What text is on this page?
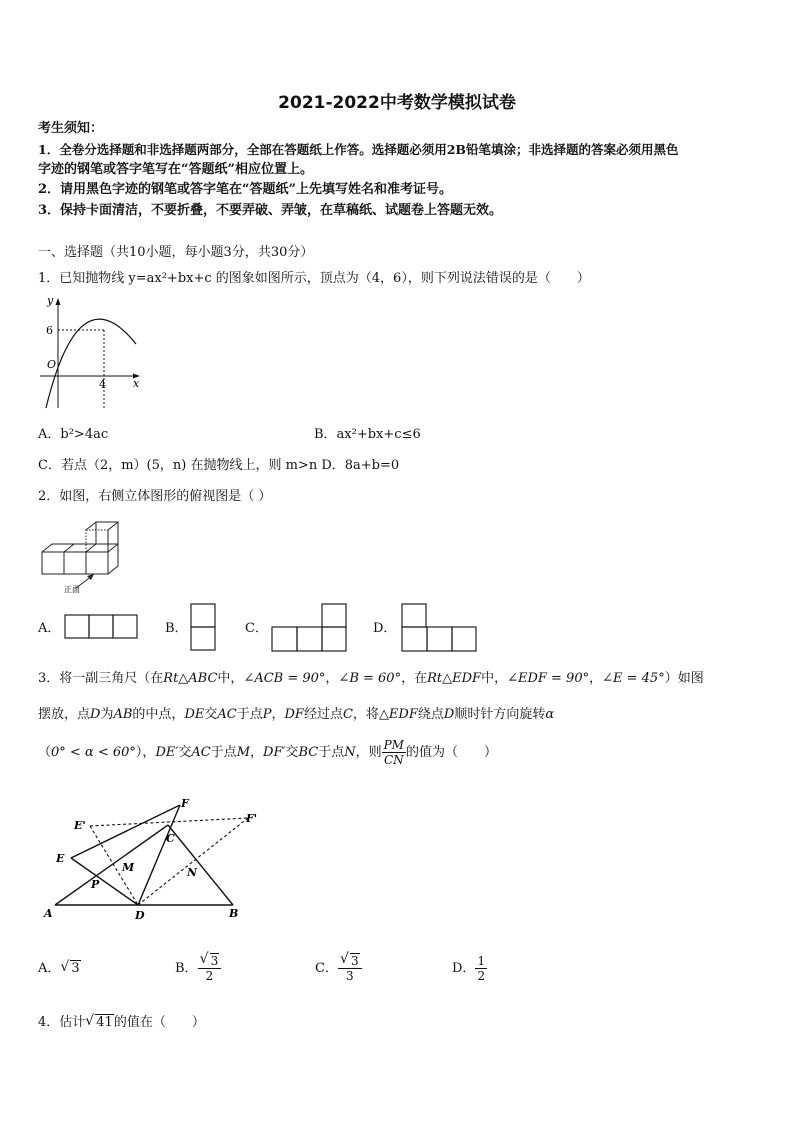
2021-2022中考数学模拟试卷
考生须知：
1．全卷分选择题和非选择题两部分，全部在答题纸上作答。选择题必须用2B铅笔填涂；非选择题的答案必须用黑色
字迹的钢笔或答字笔写在“答题纸”相应位置上。
2．请用黑色字迹的钢笔或答字笔在“答题纸”上先填写姓名和准考证号。
3．保持卡面清洁，不要折叠，不要弄破、弄皱，在草稿纸、试题卷上答题无效。
一、选择题（共10小题，每小题3分，共30分）
1．已知抛物线 y=ax²+bx+c 的图象如图所示，顶点为（4，6），则下列说法错误的是（　　）
y
x
O
6
4
A．b²>4ac	B．ax²+bx+c≤6
C．若点（2，m）(5，n) 在抛物线上，则 m>n D．8a+b=0
2．如图，右侧立体图形的俯视图是（ ）
正面
A．	B．	C．	D．
3．将一副三角尺（在Rt△ABC中，∠ACB = 90°，∠B = 60°，在Rt△EDF中，∠EDF = 90°，∠E = 45°）如图
摆放，点D为AB的中点，DE交AC于点P，DF经过点C，将△EDF绕点D顺时针方向旋转α
（0° < α < 60°），DE′交AC于点M，DF′交BC于点N，则 $\frac{PM}{CN}$ 的值为（　　）
A	B
C
D
E
F
E'
F'
M	N
P
A． √ 3	B． √ $\frac{3}{2}$	C． √ $\frac{3}{3}$	D． $\frac{1}{2}$
4．估计 √ 41的值在（　　）
